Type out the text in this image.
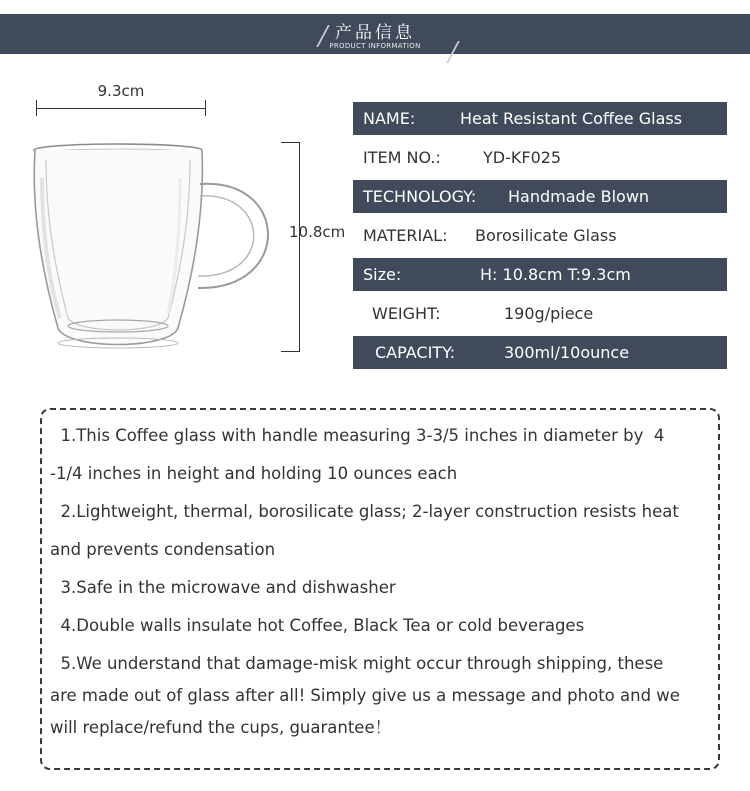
产品信息
PRODUCT INFORMATION
9.3cm
10.8cm
NAME:	Heat Resistant Coffee Glass
ITEM NO.:	YD-KF025
TECHNOLOGY: Handmade Blown
MATERIAL: Borosilicate Glass
Size:	H: 10.8cm T:9.3cm
WEIGHT:	190g/piece
CAPACITY:	300ml/10ounce
1.This Coffee glass with handle measuring 3-3/5 inches in diameter by  4
-1/4 inches in height and holding 10 ounces each
2.Lightweight, thermal, borosilicate glass; 2-layer construction resists heat
and prevents condensation
3.Safe in the microwave and dishwasher
4.Double walls insulate hot Coffee, Black Tea or cold beverages
5.We understand that damage-misk might occur through shipping, these
are made out of glass after all! Simply give us a message and photo and we
will replace/refund the cups, guarantee！
